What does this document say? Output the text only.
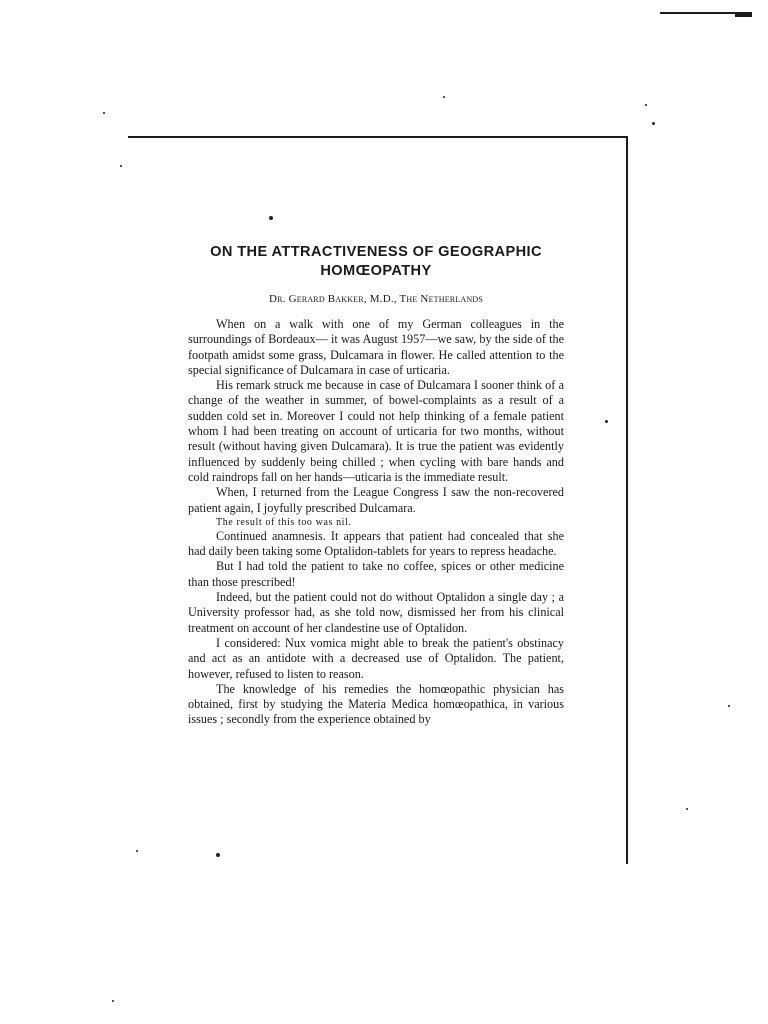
ON THE ATTRACTIVENESS OF GEOGRAPHIC
HOMŒOPATHY
Dr. Gerard Bakker, M.D., The Netherlands

When on a walk with one of my German colleagues in the surroundings of Bordeaux— it was August 1957—we saw, by the side of the footpath amidst some grass, Dulcamara in flower. He called attention to the special significance of Dulcamara in case of urticaria.

His remark struck me because in case of Dulcamara I sooner think of a change of the weather in summer, of bowel-complaints as a result of a sudden cold set in. Moreover I could not help thinking of a female patient whom I had been treating on account of urticaria for two months, without result (without having given Dulcamara). It is true the patient was evidently influenced by suddenly being chilled ; when cycling with bare hands and cold raindrops fall on her hands—uticaria is the immediate result.

When, I returned from the League Congress I saw the non-recovered patient again, I joyfully prescribed Dulcamara.

The result of this too was nil.

Continued anamnesis. It appears that patient had concealed that she had daily been taking some Optalidon-tablets for years to repress headache.

But I had told the patient to take no coffee, spices or other medicine than those prescribed!

Indeed, but the patient could not do without Optalidon a single day ; a University professor had, as she told now, dismissed her from his clinical treatment on account of her clandestine use of Optalidon.

I considered: Nux vomica might able to break the patient's obstinacy and act as an antidote with a decreased use of Optalidon. The patient, however, refused to listen to reason.

The knowledge of his remedies the homœopathic physician has obtained, first by studying the Materia Medica homœopathica, in various issues ; secondly from the experience obtained by
